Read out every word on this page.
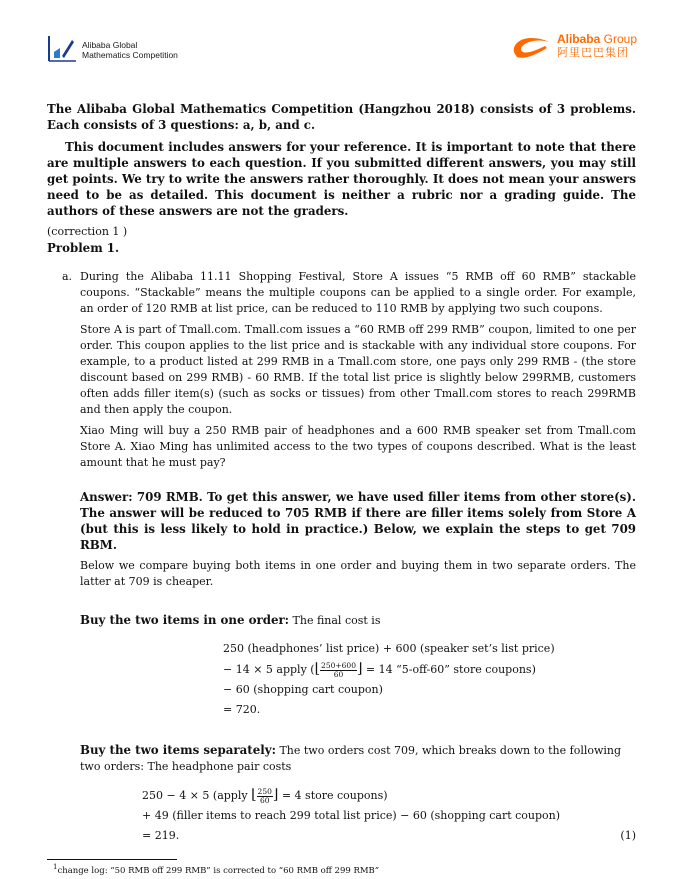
Alibaba Global
Mathematics Competition
Alibaba Group
阿里巴巴集团

The Alibaba Global Mathematics Competition (Hangzhou 2018) consists of 3 problems. Each consists of 3 questions: a, b, and c.

This document includes answers for your reference. It is important to note that there are multiple answers to each question. If you submitted different answers, you may still get points. We try to write the answers rather thoroughly. It does not mean your answers need to be as detailed. This document is neither a rubric nor a grading guide. The authors of these answers are not the graders.

(correction 1 )

Problem 1.

a. During the Alibaba 11.11 Shopping Festival, Store A issues “5 RMB off 60 RMB” stackable coupons. “Stackable” means the multiple coupons can be applied to a single order. For example, an order of 120 RMB at list price, can be reduced to 110 RMB by applying two such coupons.

Store A is part of Tmall.com. Tmall.com issues a “60 RMB off 299 RMB” coupon, limited to one per order. This coupon applies to the list price and is stackable with any individual store coupons. For example, to a product listed at 299 RMB in a Tmall.com store, one pays only 299 RMB - (the store discount based on 299 RMB) - 60 RMB. If the total list price is slightly below 299RMB, customers often adds filler item(s) (such as socks or tissues) from other Tmall.com stores to reach 299RMB and then apply the coupon.

Xiao Ming will buy a 250 RMB pair of headphones and a 600 RMB speaker set from Tmall.com Store A. Xiao Ming has unlimited access to the two types of coupons described. What is the least amount that he must pay?

Answer: 709 RMB. To get this answer, we have used filler items from other store(s). The answer will be reduced to 705 RMB if there are filler items solely from Store A (but this is less likely to hold in practice.) Below, we explain the steps to get 709 RBM.

Below we compare buying both items in one order and buying them in two separate orders. The latter at 709 is cheaper.

Buy the two items in one order: The final cost is
250 (headphones’ list price) + 600 (speaker set’s list price)
− 14 × 5 apply (⌊ $\frac{250+600}{60}$ ⌋ = 14 “5-off-60” store coupons)
− 60 (shopping cart coupon)
= 720.
Buy the two items separately: The two orders cost 709, which breaks down to the following two orders: The headphone pair costs
250 − 4 × 5 (apply ⌊ $\frac{250}{60}$ ⌋ = 4 store coupons)
+ 49 (filler items to reach 299 total list price) − 60 (shopping cart coupon)
= 219.	(1)
$^1$change log: “50 RMB off 299 RMB” is corrected to “60 RMB off 299 RMB”
